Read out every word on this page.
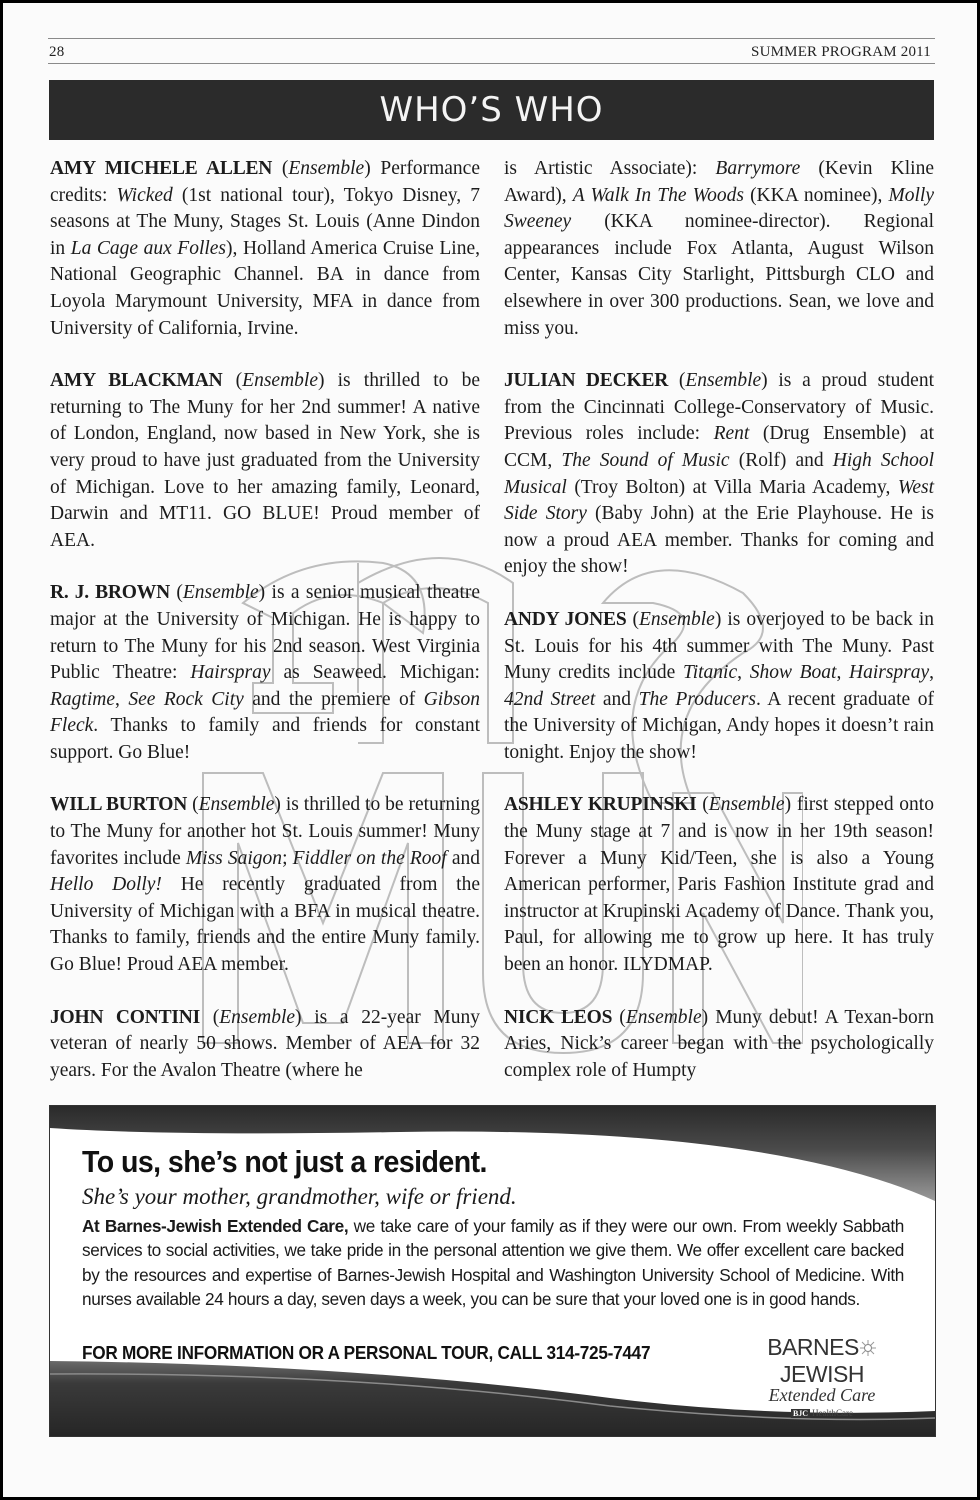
28	SUMMER PROGRAM 2011
WHO’S WHO

AMY MICHELE ALLEN (Ensemble) Performance credits: Wicked (1st national tour), Tokyo Disney, 7 seasons at The Muny, Stages St. Louis (Anne Dindon in La Cage aux Folles), Holland America Cruise Line, National Geographic Channel. BA in dance from Loyola Marymount University, MFA in dance from University of California, Irvine.

AMY BLACKMAN (Ensemble) is thrilled to be returning to The Muny for her 2nd summer! A native of London, England, now based in New York, she is very proud to have just graduated from the University of Michigan. Love to her amazing family, Leonard, Darwin and MT11. GO BLUE! Proud member of AEA.

R. J. BROWN (Ensemble) is a senior musical theatre major at the University of Michigan. He is happy to return to The Muny for his 2nd season. West Virginia Public Theatre: Hairspray as Seaweed. Michigan: Ragtime, See Rock City and the premiere of Gibson Fleck. Thanks to family and friends for constant support. Go Blue!

WILL BURTON (Ensemble) is thrilled to be returning to The Muny for another hot St. Louis summer! Muny favorites include Miss Saigon; Fiddler on the Roof and Hello Dolly! He recently graduated from the University of Michigan with a BFA in musical theatre. Thanks to family, friends and the entire Muny family. Go Blue! Proud AEA member.

JOHN CONTINI (Ensemble) is a 22-year Muny veteran of nearly 50 shows. Member of AEA for 32 years. For the Avalon Theatre (where he

is Artistic Associate): Barrymore (Kevin Kline Award), A Walk In The Woods (KKA nominee), Molly Sweeney (KKA nominee-director). Regional appearances include Fox Atlanta, August Wilson Center, Kansas City Starlight, Pittsburgh CLO and elsewhere in over 300 productions. Sean, we love and miss you.

JULIAN DECKER (Ensemble) is a proud student from the Cincinnati College-Conservatory of Music. Previous roles include: Rent (Drug Ensemble) at CCM, The Sound of Music (Rolf) and High School Musical (Troy Bolton) at Villa Maria Academy, West Side Story (Baby John) at the Erie Playhouse. He is now a proud AEA member. Thanks for coming and enjoy the show!

ANDY JONES (Ensemble) is overjoyed to be back in St. Louis for his 4th summer with The Muny. Past Muny credits include Titanic, Show Boat, Hairspray, 42nd Street and The Producers. A recent graduate of the University of Michigan, Andy hopes it doesn’t rain tonight. Enjoy the show!

ASHLEY KRUPINSKI (Ensemble) first stepped onto the Muny stage at 7 and is now in her 19th season! Forever a Muny Kid/Teen, she is also a Young American performer, Paris Fashion Institute grad and instructor at Krupinski Academy of Dance. Thank you, Paul, for allowing me to grow up here. It has truly been an honor. ILYDMAP.

NICK LEOS (Ensemble) Muny debut! A Texan-born Aries, Nick’s career began with the psychologically complex role of Humpty

To us, she’s not just a resident.

She’s your mother, grandmother, wife or friend.

At Barnes-Jewish Extended Care, we take care of your family as if they were our own. From weekly Sabbath services to social activities, we take pride in the personal attention we give them. We offer excellent care backed by the resources and expertise of Barnes-Jewish Hospital and Washington University School of Medicine. With nurses available 24 hours a day, seven days a week, you can be sure that your loved one is in good hands.

FOR MORE INFORMATION OR A PERSONAL TOUR, CALL 314-725-7447	BARNESJEWISH
Extended Care
BJC HealthCare
